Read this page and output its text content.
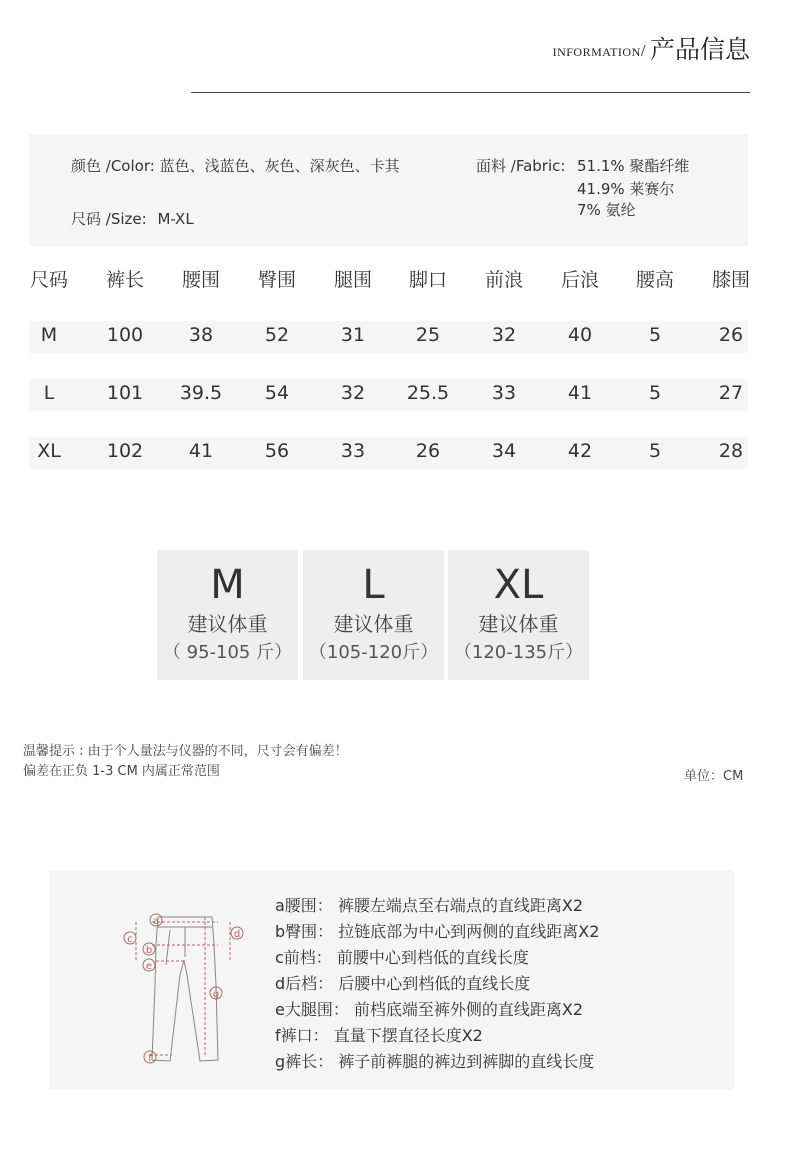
information/ 产品信息
颜色 /Color: 蓝色、浅蓝色、灰色、深灰色、卡其
尺码 /Size: M-XL
面料 /Fabric: 51.1% 聚酯纤维
41.9% 莱赛尔
7% 氨纶
尺码	裤长	腰围	臀围	腿围	脚口	前浪	后浪	腰高	膝围
M	100	38	52	31	25	32	40	5	26
L	101	39.5	54	32	25.5	33	41	5	27
XL	102	41	56	33	26	34	42	5	28
M
建议体重
（ 95-105 斤）
L
建议体重
（105-120斤）
XL
建议体重
（120-135斤）
温馨提示 : 由于个人量法与仪器的不同，尺寸会有偏差！
偏差在正负 1-3 CM 内属正常范围	单位：CM
a
b
c	d
e
f
g
a腰围： 裤腰左端点至右端点的直线距离X2
b臀围： 拉链底部为中心到两侧的直线距离X2
c前档： 前腰中心到档低的直线长度
d后档： 后腰中心到档低的直线长度
e大腿围： 前档底端至裤外侧的直线距离X2
f裤口： 直量下摆直径长度X2
g裤长： 裤子前裤腿的裤边到裤脚的直线长度
